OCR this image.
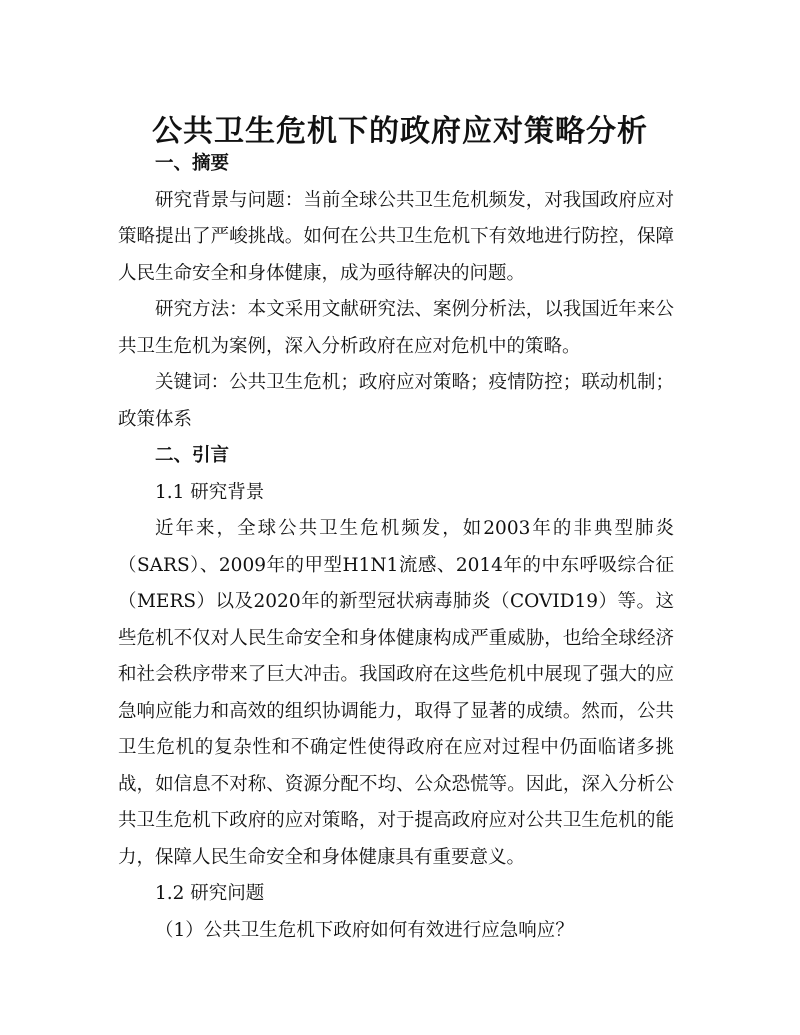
公共卫生危机下的政府应对策略分析

一、摘要

研究背景与问题：当前全球公共卫生危机频发，对我国政府应对策略提出了严峻挑战。如何在公共卫生危机下有效地进行防控，保障人民生命安全和身体健康，成为亟待解决的问题。

研究方法：本文采用文献研究法、案例分析法，以我国近年来公共卫生危机为案例，深入分析政府在应对危机中的策略。

关键词：公共卫生危机；政府应对策略；疫情防控；联动机制；政策体系

二、引言

1.1 研究背景

近年来，全球公共卫生危机频发，如2003年的非典型肺炎（SARS）、2009年的甲型H1N1流感、2014年的中东呼吸综合征（MERS）以及2020年的新型冠状病毒肺炎（COVID19）等。这些危机不仅对人民生命安全和身体健康构成严重威胁，也给全球经济和社会秩序带来了巨大冲击。我国政府在这些危机中展现了强大的应急响应能力和高效的组织协调能力，取得了显著的成绩。然而，公共卫生危机的复杂性和不确定性使得政府在应对过程中仍面临诸多挑战，如信息不对称、资源分配不均、公众恐慌等。因此，深入分析公共卫生危机下政府的应对策略，对于提高政府应对公共卫生危机的能力，保障人民生命安全和身体健康具有重要意义。

1.2 研究问题

（1）公共卫生危机下政府如何有效进行应急响应？
